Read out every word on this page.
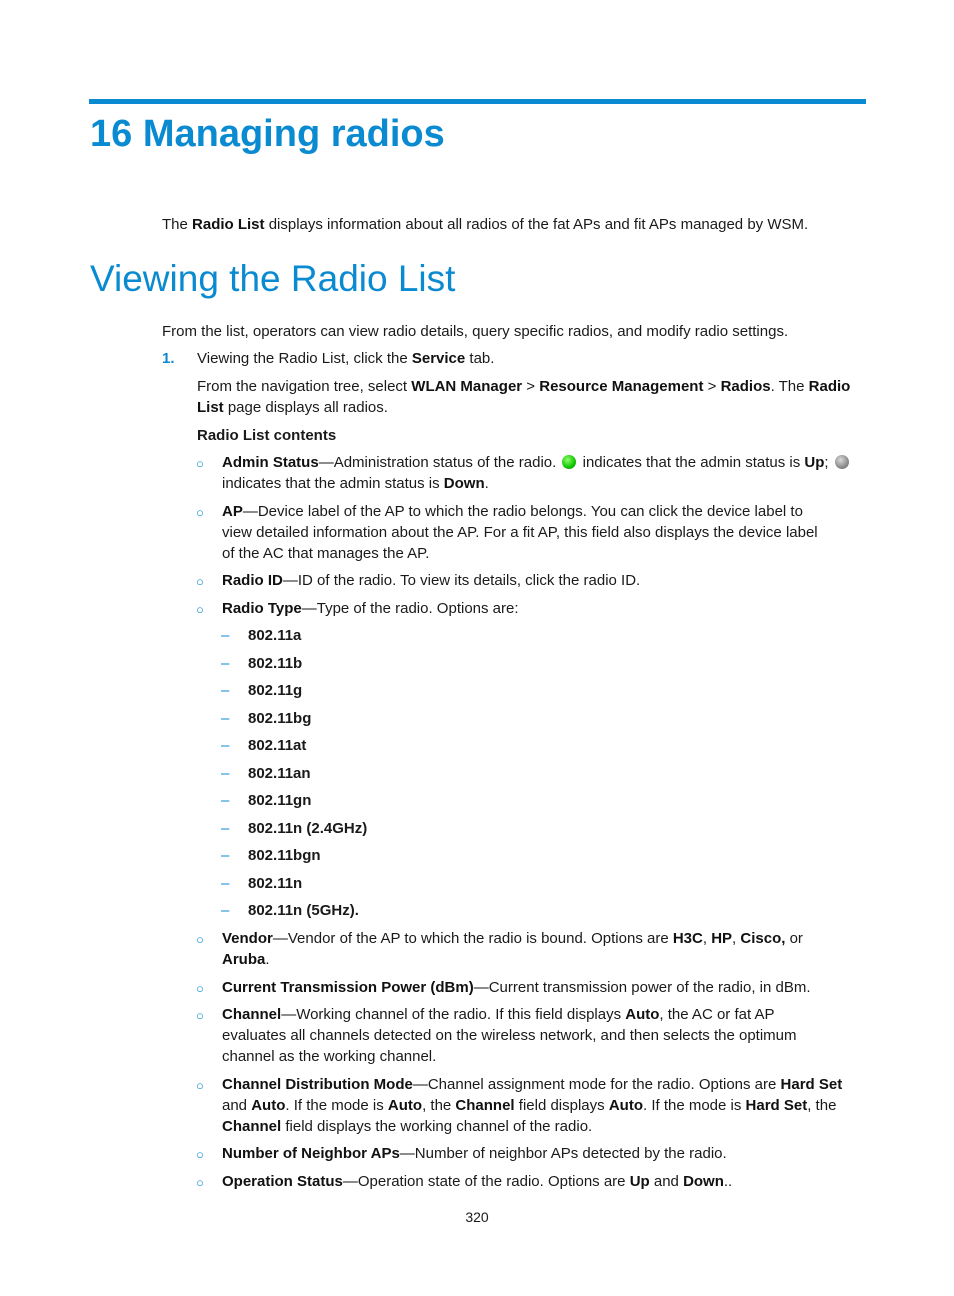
16 Managing radios

The Radio List displays information about all radios of the fat APs and fit APs managed by WSM.

Viewing the Radio List

From the list, operators can view radio details, query specific radios, and modify radio settings.

1. Viewing the Radio List, click the Service tab.

From the navigation tree, select WLAN Manager > Resource Management > Radios. The Radio

List page displays all radios.

Radio List contents

○ Admin Status—Administration status of the radio.  indicates that the admin status is Up;

indicates that the admin status is Down.

○ AP—Device label of the AP to which the radio belongs. You can click the device label to

view detailed information about the AP. For a fit AP, this field also displays the device label

of the AC that manages the AP.

○ Radio ID—ID of the radio. To view its details, click the radio ID.

○ Radio Type—Type of the radio. Options are:

– 802.11a

– 802.11b

– 802.11g

– 802.11bg

– 802.11at

– 802.11an

– 802.11gn

– 802.11n (2.4GHz)

– 802.11bgn

– 802.11n

– 802.11n (5GHz).

○ Vendor—Vendor of the AP to which the radio is bound. Options are H3C, HP, Cisco, or

Aruba.

○ Current Transmission Power (dBm)—Current transmission power of the radio, in dBm.

○ Channel—Working channel of the radio. If this field displays Auto, the AC or fat AP

evaluates all channels detected on the wireless network, and then selects the optimum

channel as the working channel.

○ Channel Distribution Mode—Channel assignment mode for the radio. Options are Hard Set

and Auto. If the mode is Auto, the Channel field displays Auto. If the mode is Hard Set, the

Channel field displays the working channel of the radio.

○ Number of Neighbor APs—Number of neighbor APs detected by the radio.

○ Operation Status—Operation state of the radio. Options are Up and Down..

320
